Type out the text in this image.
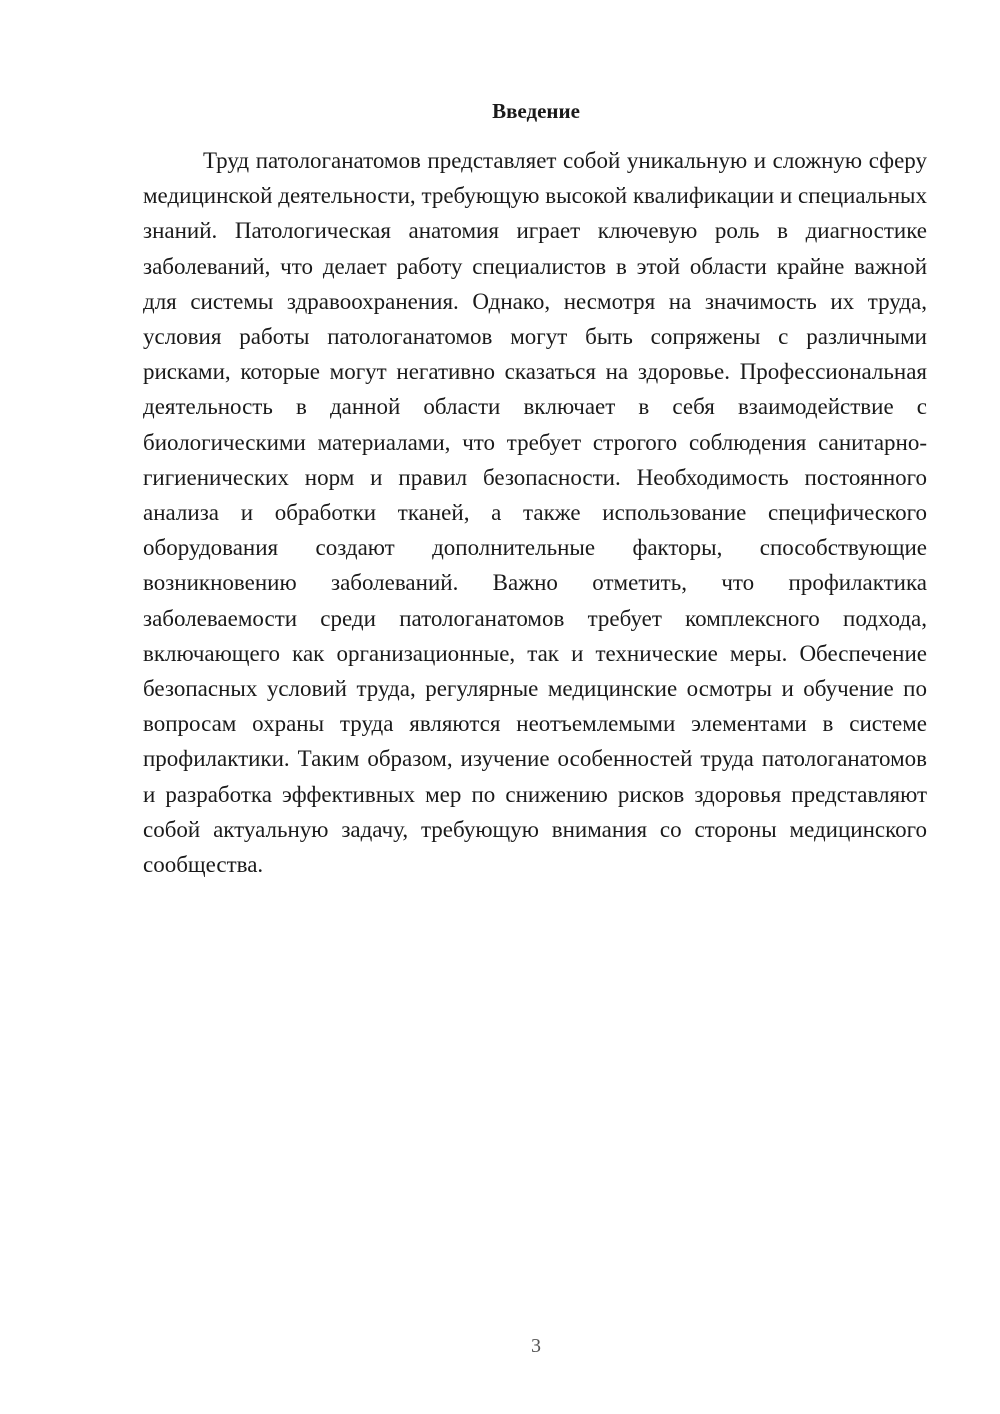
Введение

Труд патологанатомов представляет собой уникальную и сложную сферу медицинской деятельности, требующую высокой квалификации и специальных знаний. Патологическая анатомия играет ключевую роль в диагностике заболеваний, что делает работу специалистов в этой области крайне важной для системы здравоохранения. Однако, несмотря на значимость их труда, условия работы патологанатомов могут быть сопряжены с различными рисками, которые могут негативно сказаться на здоровье. Профессиональная деятельность в данной области включает в себя взаимодействие с биологическими материалами, что требует строгого соблюдения санитарно-гигиенических норм и правил безопасности. Необходимость постоянного анализа и обработки тканей, а также использование специфического оборудования создают дополнительные факторы, способствующие возникновению заболеваний. Важно отметить, что профилактика заболеваемости среди патологанатомов требует комплексного подхода, включающего как организационные, так и технические меры. Обеспечение безопасных условий труда, регулярные медицинские осмотры и обучение по вопросам охраны труда являются неотъемлемыми элементами в системе профилактики. Таким образом, изучение особенностей труда патологанатомов и разработка эффективных мер по снижению рисков здоровья представляют собой актуальную задачу, требующую внимания со стороны медицинского сообщества.

3
